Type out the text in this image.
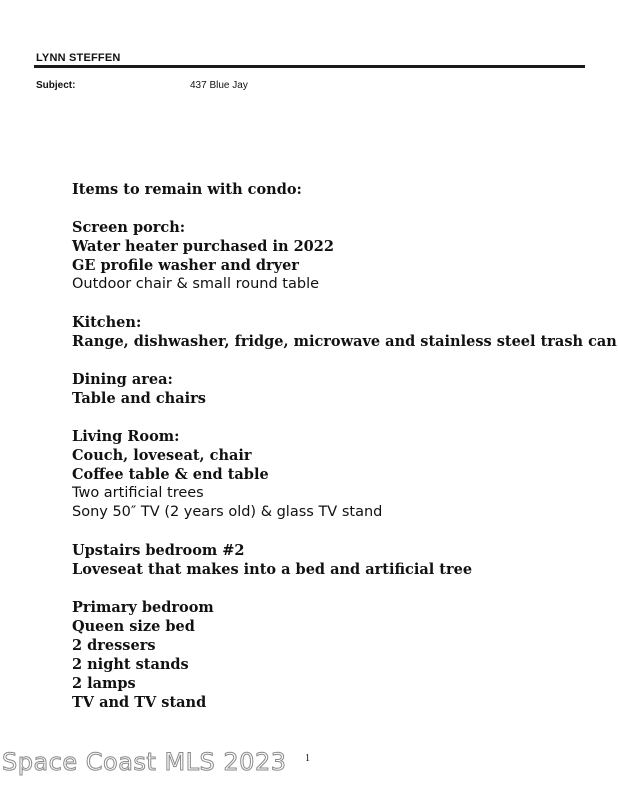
LYNN STEFFEN
Subject:	437 Blue Jay
Items to remain with condo:
Screen porch:
Water heater purchased in 2022
GE profile washer and dryer
Outdoor chair & small round table
Kitchen:
Range, dishwasher, fridge, microwave and stainless steel trash can
Dining area:
Table and chairs
Living Room:
Couch, loveseat, chair
Coffee table & end table
Two artificial trees
Sony 50″ TV (2 years old) & glass TV stand
Upstairs bedroom #2
Loveseat that makes into a bed and artificial tree
Primary bedroom
Queen size bed
2 dressers
2 night stands
2 lamps
TV and TV stand
Space Coast MLS 2023 1
